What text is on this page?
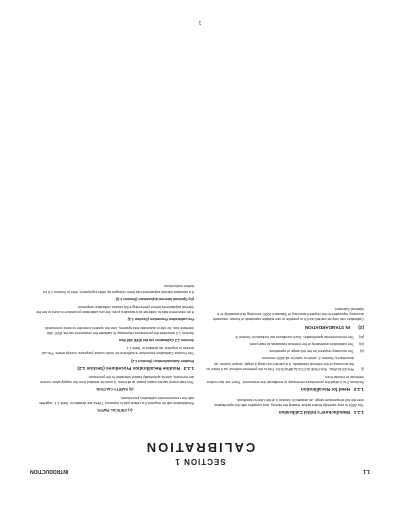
SECTION 1
CALIBRATION
1.1
INTRODUCTION
1.1.1
Manufacturer's Initial Calibration

The 4000 is very carefully tested before leaving the factory, and complies with the specification over the full temperature range, as detailed in Section 5 of the User's Handbook.

1.1.2
Need for Recalibration

Sections 2 to 4 detail the procedures necessary to recalibrate the instrument. There are two routine methods to choose from:

(i)
PROCEDURAL, ROUTINE AUTOCALIBRATION: This is the preferred method, as it relies on the accuracy of the external standards. It is carried out using a single, simple routine, as described in Section 2, which is valid for all 4000 versions.
(ii)
The accuracy required for the full range of operations.
(iii)
The calibration uncertainty of the external standards at each point.
(iv)
The environmental specification. Such conditions are included in Section 5.
(2)
IN STANDARDATION

Calibration can only be carried out if it is possible to use suitable standards of known, traceable accuracy, equivalent to the required accuracy of Standard 4000, including its traceability to a National Standard.

(c) CRITICAL PARTS

Recalibration will be required if a critical part is replaced. These are detailed in Table 1.1, together with the recommended calibration procedures.

(3) SAFETY CAUTION

This instrument carries mains power at all times. It must be isolated from the supply when covers are removed, unless specifically stated otherwise in the procedure.

1.1.3
Routine Recalibration Procedures (Section 1.2)
Routine Autocalibration (Section 1.2)

The Routine Calibration procedure is sufficient for most routine purposes, except where 'Pre-cal' access is required, as detailed in Table 1.1.

Section 1.3 Calibration via the IEEE 488 Bus

Section 1.3 describes the procedures necessary to calibrate the instrument via the IEEE 488 interface bus, for use in automatic test systems. Use the system controller to send commands.

Pre-calibration Procedure (Section 1.4)

If an instrument fails to calibrate at a standard point, the pre-calibration procedure is used to set the internal adjustments before performing a full routine calibration sequence.

(iv) Optional Internal Adjustment (Section 1.5)

If a standard internal adjustment has been changed by other equipment, refer to Section 1.5 for further instructions.

1
